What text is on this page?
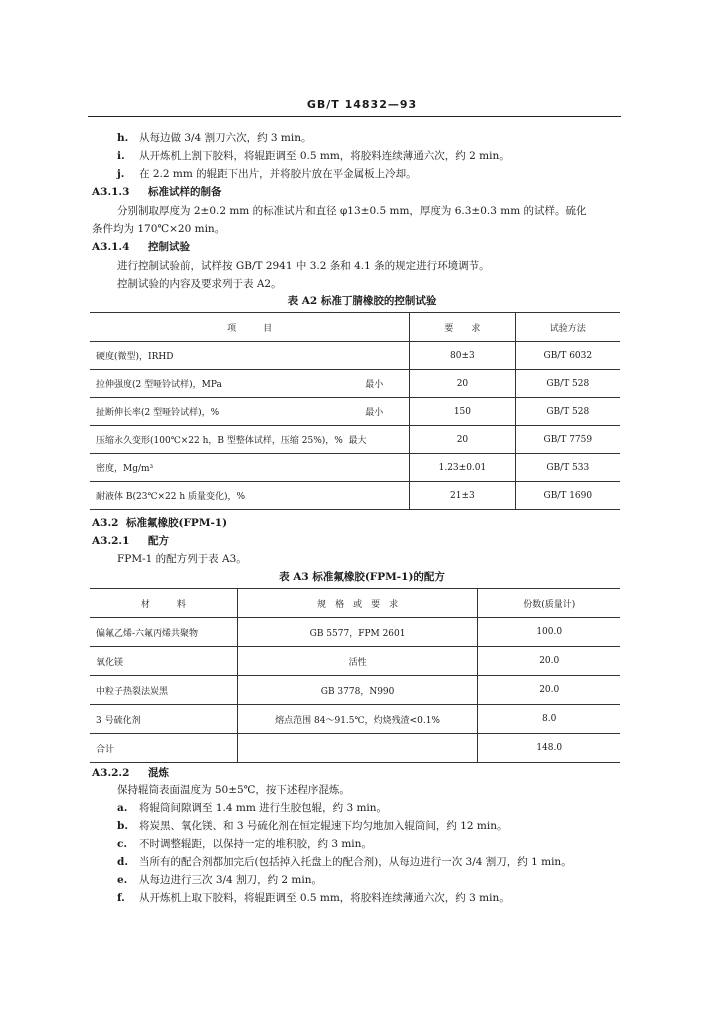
GB/T 14832—93
h. 从每边做 3/4 割刀六次，约 3 min。
i. 从开炼机上割下胶料，将辊距调至 0.5 mm，将胶料连续薄通六次，约 2 min。
j. 在 2.2 mm 的辊距下出片，并将胶片放在平金属板上冷却。
A3.1.3 标准试样的制备
分别制取厚度为 2±0.2 mm 的标准试片和直径 φ13±0.5 mm，厚度为 6.3±0.3 mm 的试样。硫化
条件均为 170℃×20 min。
A3.1.4 控制试验
进行控制试验前，试样按 GB/T 2941 中 3.2 条和 4.1 条的规定进行环境调节。
控制试验的内容及要求列于表 A2。
表 A2 标准丁腈橡胶的控制试验
项　　　目	要　　求	试验方法
硬度(微型)，IRHD	80±3	GB/T 6032
拉伸强度(2 型哑铃试样)，MPa 最小	20	GB/T 528
扯断伸长率(2 型哑铃试样)，% 最小	150	GB/T 528
压缩永久变形(100℃×22 h，B 型整体试样，压缩 25%)，% 最大	20	GB/T 7759
密度，Mg/m³	1.23±0.01	GB/T 533
耐液体 B(23℃×22 h 质量变化)，%	21±3	GB/T 1690
A3.2 标准氟橡胶(FPM-1)
A3.2.1 配方
FPM-1 的配方列于表 A3。
表 A3 标准氟橡胶(FPM-1)的配方
材　　　料	规　格　或　要　求	份数(质量计)
偏氟乙烯-六氟丙烯共聚物	GB 5577，FPM 2601	100.0
氧化镁	活性	20.0
中粒子热裂法炭黑	GB 3778，N990	20.0
3 号硫化剂	熔点范围 84～91.5℃，灼烧残渣<0.1%	8.0
合计		148.0
A3.2.2 混炼
保持辊筒表面温度为 50±5℃，按下述程序混炼。
a. 将辊筒间隙调至 1.4 mm 进行生胶包辊，约 3 min。
b. 将炭黑、氧化镁、和 3 号硫化剂在恒定辊速下均匀地加入辊筒间，约 12 min。
c. 不时调整辊距，以保持一定的堆积胶，约 3 min。
d. 当所有的配合剂都加完后(包括掉入托盘上的配合剂)，从每边进行一次 3/4 割刀，约 1 min。
e. 从每边进行三次 3/4 割刀，约 2 min。
f. 从开炼机上取下胶料，将辊距调至 0.5 mm，将胶料连续薄通六次，约 3 min。
